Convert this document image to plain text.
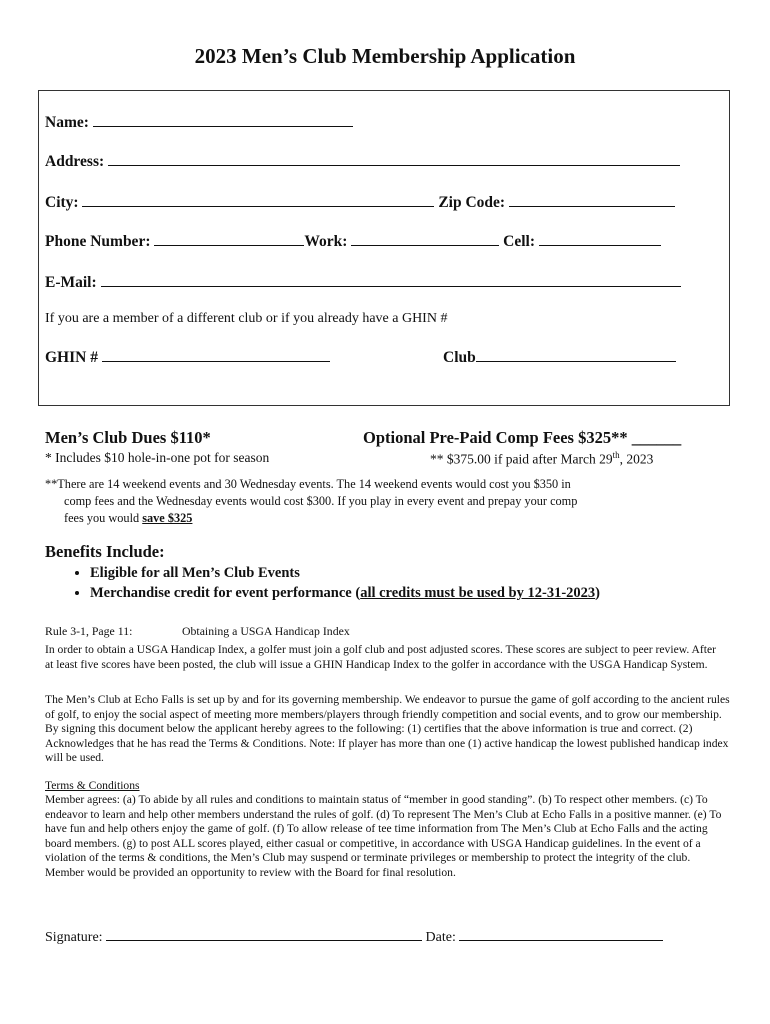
2023 Men’s Club Membership Application
Name:
Address:
City:	Zip Code:
Phone Number:	Work:	Cell:
E-Mail:
If you are a member of a different club or if you already have a GHIN #
GHIN #	Club
Men’s Club Dues $110*
* Includes $10 hole-in-one pot for season
Optional Pre-Paid Comp Fees $325** ______
** $375.00 if paid after March 29th, 2023
**There are 14 weekend events and 30 Wednesday events. The 14 weekend events would cost you $350 in
comp fees and the Wednesday events would cost $300. If you play in every event and prepay your comp
fees you would save $325
Benefits Include:
• Eligible for all Men’s Club Events
• Merchandise credit for event performance (all credits must be used by 12-31-2023)
Rule 3-1, Page 11:	Obtaining a USGA Handicap Index

In order to obtain a USGA Handicap Index, a golfer must join a golf club and post adjusted scores. These scores are subject to peer review. After at least five scores have been posted, the club will issue a GHIN Handicap Index to the golfer in accordance with the USGA Handicap System.

The Men’s Club at Echo Falls is set up by and for its governing membership. We endeavor to pursue the game of golf according to the ancient rules of golf, to enjoy the social aspect of meeting more members/players through friendly competition and social events, and to grow our membership. By signing this document below the applicant hereby agrees to the following: (1) certifies that the above information is true and correct. (2) Acknowledges that he has read the Terms & Conditions. Note: If player has more than one (1) active handicap the lowest published handicap index will be used.

Terms & Conditions

Member agrees: (a) To abide by all rules and conditions to maintain status of “member in good standing”. (b) To respect other members. (c) To endeavor to learn and help other members understand the rules of golf. (d) To represent The Men’s Club at Echo Falls in a positive manner. (e) To have fun and help others enjoy the game of golf. (f) To allow release of tee time information from The Men’s Club at Echo Falls and the acting board members. (g) to post ALL scores played, either casual or competitive, in accordance with USGA Handicap guidelines. In the event of a violation of the terms & conditions, the Men’s Club may suspend or terminate privileges or membership to protect the integrity of the club. Member would be provided an opportunity to review with the Board for final resolution.

Signature:	Date:
